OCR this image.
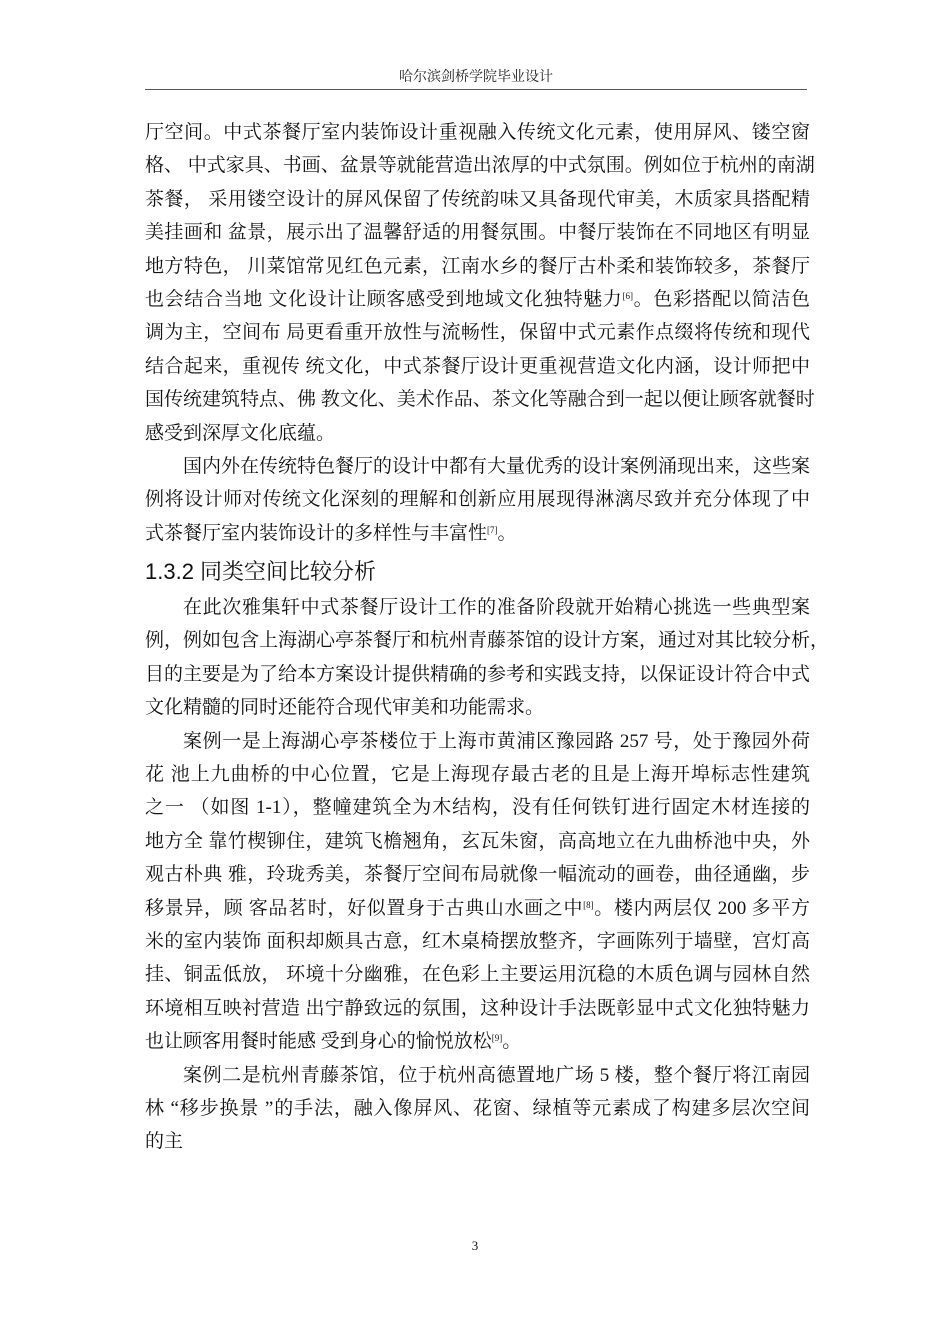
哈尔滨剑桥学院毕业设计
厅空间。中式茶餐厅室内装饰设计重视融入传统文化元素，使用屏风、镂空窗
格、 中式家具、书画、盆景等就能营造出浓厚的中式氛围。例如位于杭州的南湖
茶餐， 采用镂空设计的屏风保留了传统韵味又具备现代审美，木质家具搭配精
美挂画和 盆景，展示出了温馨舒适的用餐氛围。中餐厅装饰在不同地区有明显
地方特色， 川菜馆常见红色元素，江南水乡的餐厅古朴柔和装饰较多，茶餐厅
也会结合当地 文化设计让顾客感受到地域文化独特魅力[6]。色彩搭配以简洁色
调为主，空间布 局更看重开放性与流畅性，保留中式元素作点缀将传统和现代
结合起来，重视传 统文化，中式茶餐厅设计更重视营造文化内涵，设计师把中
国传统建筑特点、佛 教文化、美术作品、茶文化等融合到一起以便让顾客就餐时
感受到深厚文化底蕴。
国内外在传统特色餐厅的设计中都有大量优秀的设计案例涌现出来，这些案
例将设计师对传统文化深刻的理解和创新应用展现得淋漓尽致并充分体现了中
式茶餐厅室内装饰设计的多样性与丰富性[7]。
1.3.2 同类空间比较分析
在此次雅集轩中式茶餐厅设计工作的准备阶段就开始精心挑选一些典型案
例，例如包含上海湖心亭茶餐厅和杭州青藤茶馆的设计方案，通过对其比较分析，
目的主要是为了给本方案设计提供精确的参考和实践支持，以保证设计符合中式
文化精髓的同时还能符合现代审美和功能需求。
案例一是上海湖心亭茶楼位于上海市黄浦区豫园路 257 号，处于豫园外荷
花 池上九曲桥的中心位置，它是上海现存最古老的且是上海开埠标志性建筑
之一 （如图 1-1），整幢建筑全为木结构，没有任何铁钉进行固定木材连接的
地方全 靠竹楔铆住，建筑飞檐翘角，玄瓦朱窗，高高地立在九曲桥池中央，外
观古朴典 雅，玲珑秀美，茶餐厅空间布局就像一幅流动的画卷，曲径通幽，步
移景异，顾 客品茗时，好似置身于古典山水画之中[8]。楼内两层仅 200 多平方
米的室内装饰 面积却颇具古意，红木桌椅摆放整齐，字画陈列于墙壁，宫灯高
挂、铜盂低放， 环境十分幽雅，在色彩上主要运用沉稳的木质色调与园林自然
环境相互映衬营造 出宁静致远的氛围，这种设计手法既彰显中式文化独特魅力
也让顾客用餐时能感 受到身心的愉悦放松[9]。
案例二是杭州青藤茶馆，位于杭州高德置地广场 5 楼，整个餐厅将江南园
林 “移步换景 ”的手法，融入像屏风、花窗、绿植等元素成了构建多层次空间
的主
3
